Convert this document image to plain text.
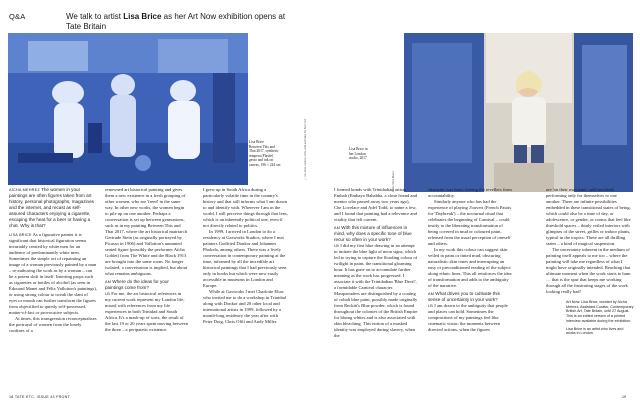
Q&A	We talk to artist Lisa Brice as her Art Now exhibition opens at Tate Britain
Lisa Brice
Between This and
That 2017, synthetic
tempera (Flashe)
gesso and ink on
canvas, 196 × 244 cm	© the artist; courtesy of the artist and Salon 94, New York	Lisa Brice in
her London
studio, 2017
Photo: Mark Blower

AÏCHA MEHREZ The women in your paintings are often figures taken from art history, personal photographs, magazines and the internet, and recast as self-assured characters enjoying a cigarette, escaping the heat for a beer or having a chat. Why is that?

LISA BRICE As a figurative painter it is significant that historical figuration seems invariably created by white men for an audience of predominantly white men. Sometimes the simple act of repainting an image of a woman previously painted by a man – re-authoring the work as by a woman – can be a potent shift in itself. Inserting props such as cigarettes or bottles of alcohol (as seen in Édouard Manet and Félix Vallotton's paintings), or using strong colour to tweak the slant of eyes or mouth can further transform the figures from objectified to quietly self-possessed, matter-of-fact or provocative subjects.

At times, this transgression reconceptualises the portrayal of women from the lonely confines of a

renowned art historical painting and gives them a new existence in a fresh grouping of other women, who are 'freed' in the same way. In other new works, the women begin to pile up on one another. Perhaps a conversation is set up between generations, such as in my painting Between This and That 2017, where the art historical matriarch Gertrude Stein (as originally portrayed by Picasso in 1906) and Vallotton's unnamed seated figure (possibly the performer Aïcha Goblet) from The White and the Black 1913 are brought into the same room. No longer isolated, a conversation is implied, but about what remains ambiguous.

AM Where do the ideas for your paintings come from?

LB For me, the art historical references in my current work represent my London life, mixed with references from my life experiences in both Trinidad and South Africa. It's a mash-up of sorts, the result of the last 19 or 20 years spent moving between the three – a peripatetic existence.

I grew up in South Africa during a particularly volatile time in the country's history and that still informs what I am drawn to and identify with. Wherever I am in the world, I still perceive things through that lens, which is an inherently political one, even if not directly related to politics.

In 1999, I arrived in London to do a residency at Gasworks Studios, where I met painters Godfried Donkor and Johannes Phokela, among others. There was a lively conversation in contemporary painting at the time, informed by all the incredible art historical paintings that I had previously seen only in books but which were now easily accessible in museums in London and Europe.

While at Gasworks I met Charlotte Elias who invited me to do a workshop in Trinidad along with Donkor and 20 other local and international artists in 1999, followed by a month-long residency the year after with Peter Doig, Chris Ofili and Andy Miller.

I formed bonds with Trinidadian artists Embah (Embayo Bahabba, a close friend and mentor who passed away two years ago), Che Lovelace and Adel Todd, to name a few, and I found that painting had a relevance and vitality that felt current.

AM With this mixture of influences in mind, why does a specific tone of blue recur so often in your work?

LB I did my first blue drawing in an attempt to imitate the blue light of neon signs, which led to trying to capture the flooding colour of twilight in paint, the transitional gloaming hour. It has gone on to accumulate further meaning as the work has progressed. I associate it with the Trinidadian 'Blue Devil', a formidable Carnival character. Masqueraders are distinguished by a coating of cobalt blue paint, possibly made originally from Reckitt's Blue powder, which is found throughout the colonies of the British Empire for bluing whites and is also associated with skin bleaching. This notion of a masked identity was employed during slavery, when the

character was born, freeing the revellers from accountability.

Similarly anyone who has had the experience of playing J'ouvert (French Patois for 'Daybreak') – the nocturnal ritual that celebrates the beginning of Carnival – could testify to the liberating transformation of being covered in mud or coloured paint, released from the usual perception of oneself and others.

In my work this colour can suggest skin veiled in paint or tinted mud, obscuring naturalistic skin tones and interrupting an easy or preconditioned reading of the subject along ethnic lines. This all reinforces the idea of transformation and adds to the ambiguity of the narrative.

AM What drives you to cultivate this sense of uncertainty in your work?

LB I am drawn to the ambiguity that people and places can hold. Sometimes the compositions of my paintings feel like cinematic vistas: the moments between directed actions, when the figures

are 'on their own time', self-involved, performing only for themselves or one another. There are infinite possibilities embedded in these transitional states of being, which could also be a time of day, or adolescence, or gender, or rooms that feel like threshold spaces – thinly veiled interiors with glimpses of the street, grilles or indoor plants, typical in the tropics. These are all thrilling states – a kind of magical suspension.

The uncertainty inherent in the medium of painting itself appeals to me too – where the painting will take me regardless of what I might have originally intended. Reaching that ultimate moment when the work starts to hum … that is the spur that keeps me working through all the frustrating stages of the work looking really bad!

Art Now: Lisa Brice, curated by Aïcha Mehrez, Assistant Curator, Contemporary British Art, Tate Britain, until 27 August. This is an edited version of a printed interview available during the exhibition.
Lisa Brice is an artist who lives and works in London.
18 TATE ETC. ISSUE 43 FRONT	19
